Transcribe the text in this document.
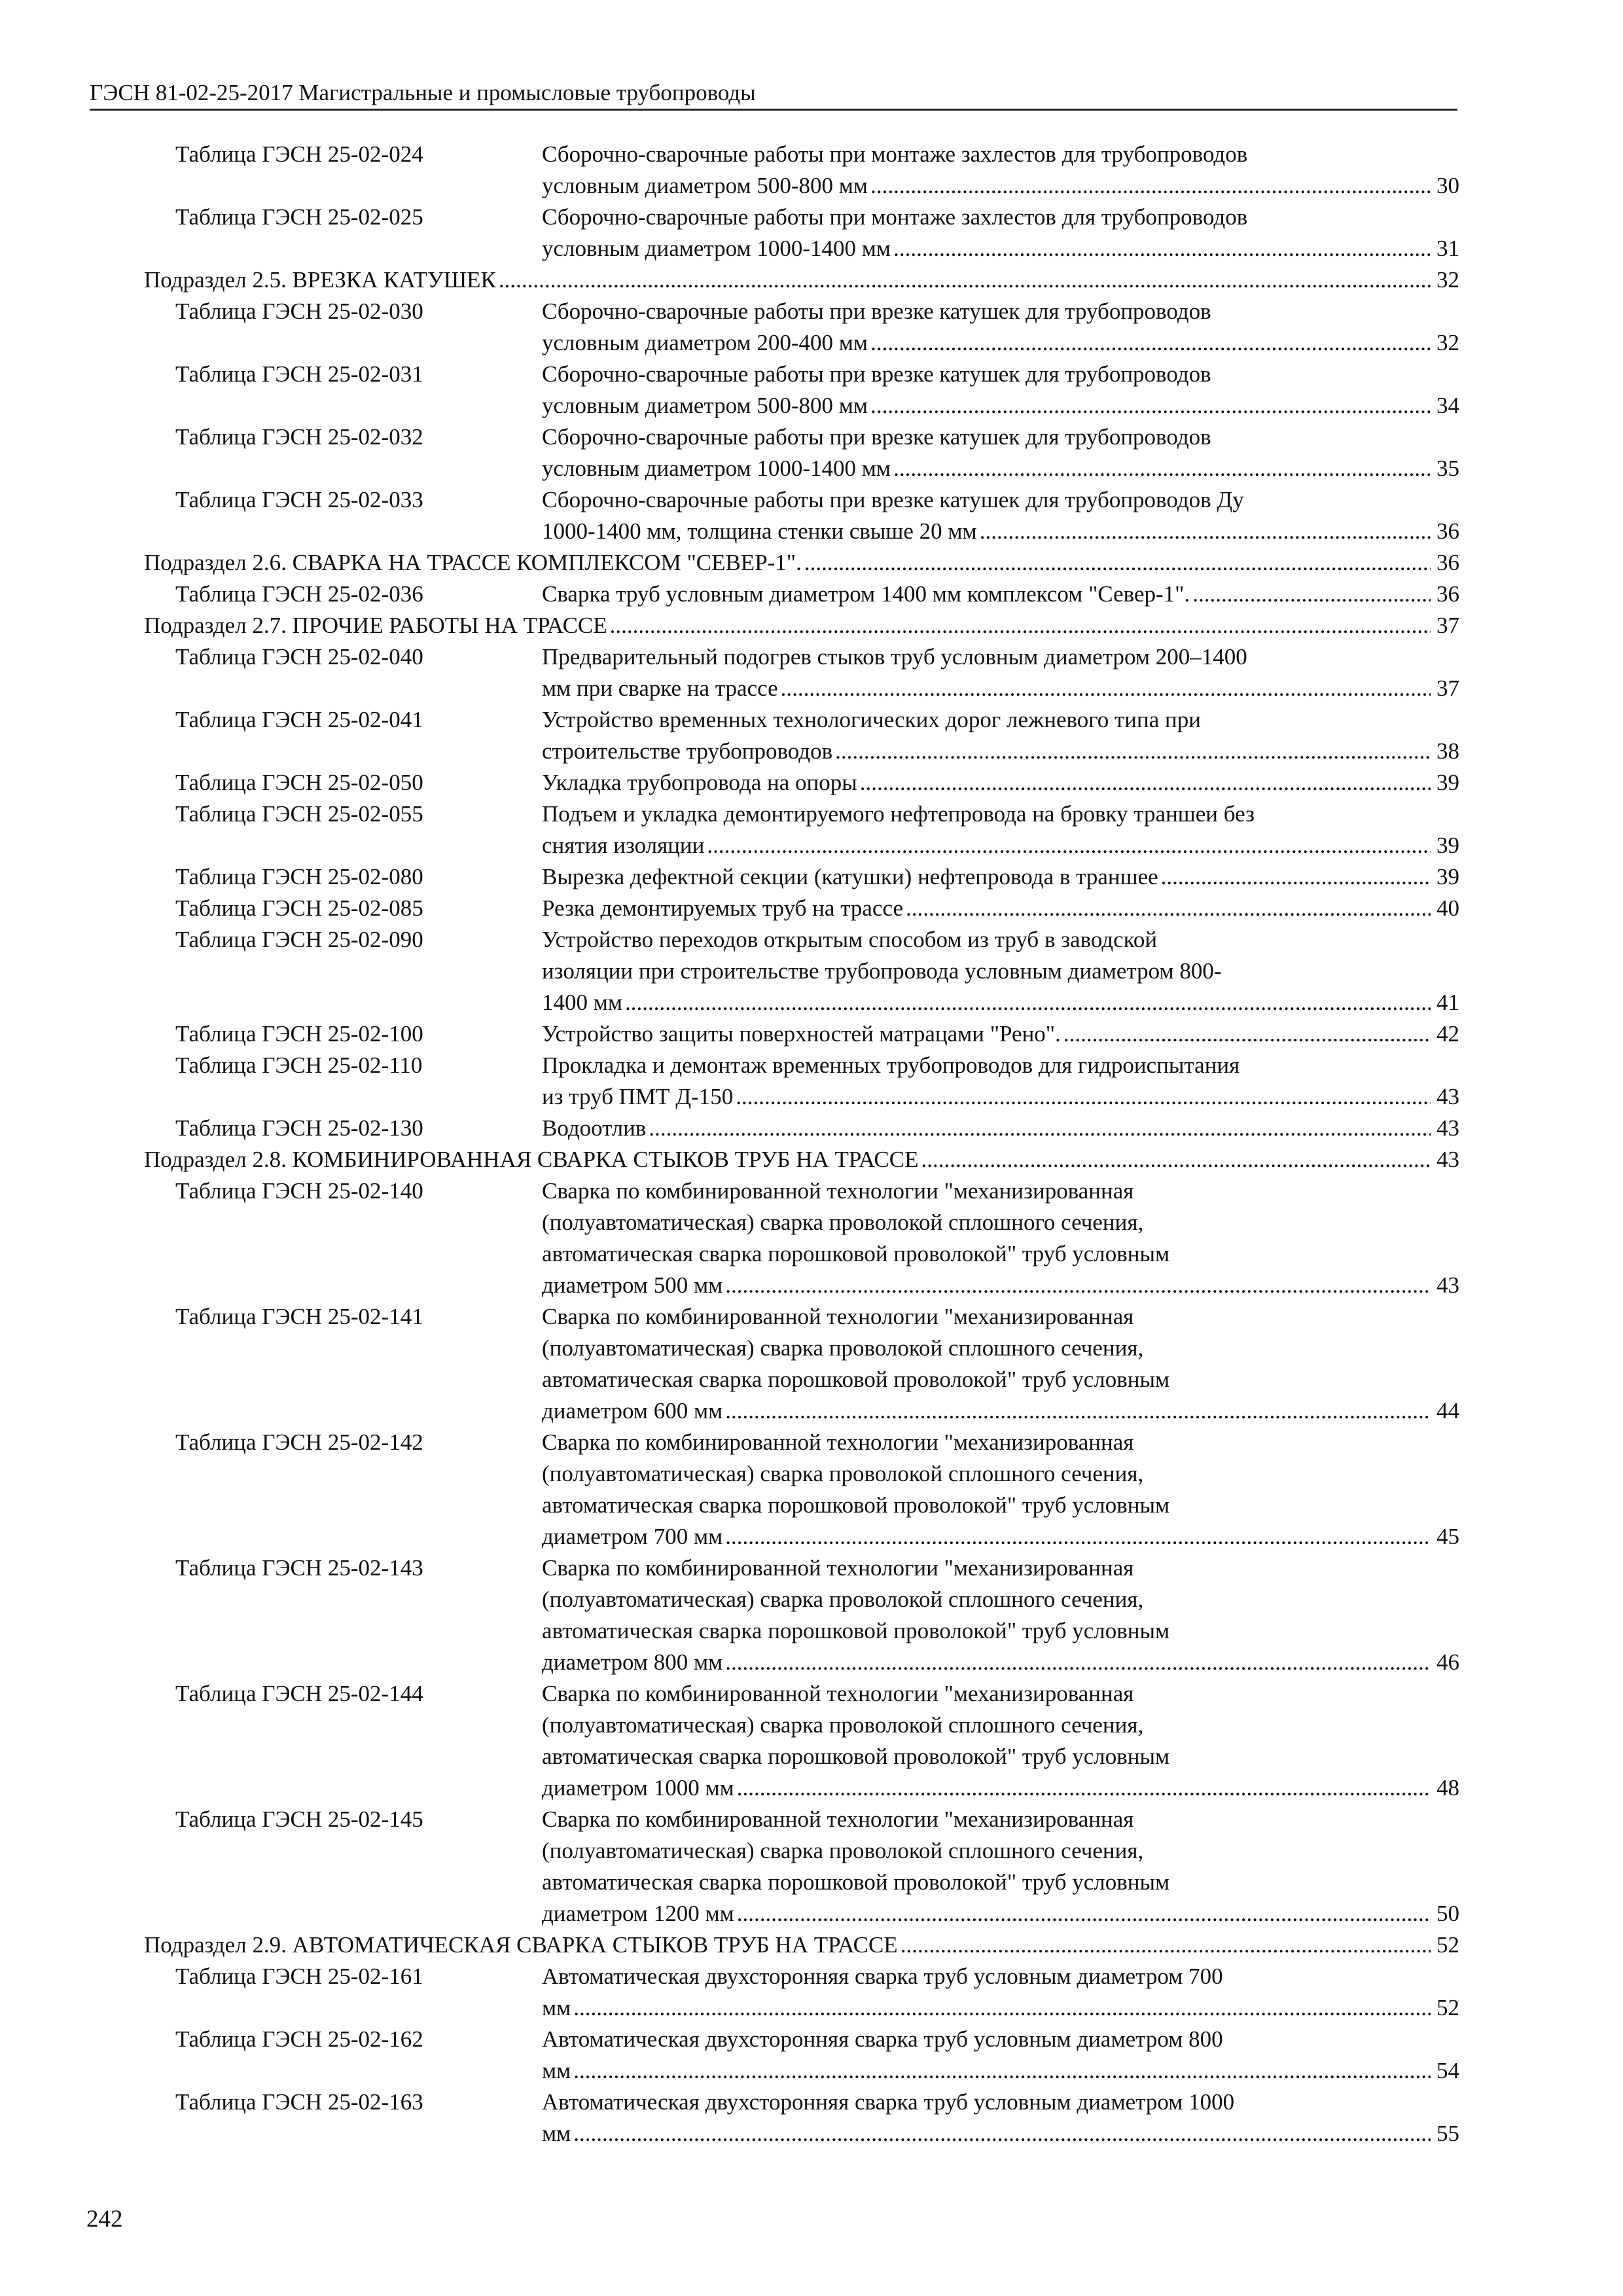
ГЭСН 81-02-25-2017 Магистральные и промысловые трубопроводы
Таблица ГЭСН 25-02-024	Сборочно-сварочные работы при монтаже захлестов для трубопроводов
условным диаметром 500-800 мм .....	30
Таблица ГЭСН 25-02-025	Сборочно-сварочные работы при монтаже захлестов для трубопроводов
условным диаметром 1000-1400 мм .....	31
Подраздел 2.5. ВРЕЗКА КАТУШЕК .....	32
Таблица ГЭСН 25-02-030	Сборочно-сварочные работы при врезке катушек для трубопроводов
условным диаметром 200-400 мм .....	32
Таблица ГЭСН 25-02-031	Сборочно-сварочные работы при врезке катушек для трубопроводов
условным диаметром 500-800 мм .....	34
Таблица ГЭСН 25-02-032	Сборочно-сварочные работы при врезке катушек для трубопроводов
условным диаметром 1000-1400 мм .....	35
Таблица ГЭСН 25-02-033	Сборочно-сварочные работы при врезке катушек для трубопроводов Ду
1000-1400 мм, толщина стенки свыше 20 мм .....	36
Подраздел 2.6. СВАРКА НА ТРАССЕ КОМПЛЕКСОМ "СЕВЕР-1". .....	36
Таблица ГЭСН 25-02-036	Сварка труб условным диаметром 1400 мм комплексом "Север-1". .....	36
Подраздел 2.7. ПРОЧИЕ РАБОТЫ НА ТРАССЕ .....	37
Таблица ГЭСН 25-02-040	Предварительный подогрев стыков труб условным диаметром 200–1400
мм при сварке на трассе .....	37
Таблица ГЭСН 25-02-041	Устройство временных технологических дорог лежневого типа при
строительстве трубопроводов .....	38
Таблица ГЭСН 25-02-050	Укладка трубопровода на опоры .....	39
Таблица ГЭСН 25-02-055	Подъем и укладка демонтируемого нефтепровода на бровку траншеи без
снятия изоляции .....	39
Таблица ГЭСН 25-02-080	Вырезка дефектной секции (катушки) нефтепровода в траншее .....	39
Таблица ГЭСН 25-02-085	Резка демонтируемых труб на трассе .....	40
Таблица ГЭСН 25-02-090	Устройство переходов открытым способом из труб в заводской
изоляции при строительстве трубопровода условным диаметром 800-
1400 мм .....	41
Таблица ГЭСН 25-02-100	Устройство защиты поверхностей матрацами "Рено". .....	42
Таблица ГЭСН 25-02-110	Прокладка и демонтаж временных трубопроводов для гидроиспытания
из труб ПМТ Д-150 .....	43
Таблица ГЭСН 25-02-130	Водоотлив .....	43
Подраздел 2.8. КОМБИНИРОВАННАЯ СВАРКА СТЫКОВ ТРУБ НА ТРАССЕ .....	43
Таблица ГЭСН 25-02-140	Сварка по комбинированной технологии "механизированная
(полуавтоматическая) сварка проволокой сплошного сечения,
автоматическая сварка порошковой проволокой" труб условным
диаметром 500 мм .....	43
Таблица ГЭСН 25-02-141	Сварка по комбинированной технологии "механизированная
(полуавтоматическая) сварка проволокой сплошного сечения,
автоматическая сварка порошковой проволокой" труб условным
диаметром 600 мм .....	44
Таблица ГЭСН 25-02-142	Сварка по комбинированной технологии "механизированная
(полуавтоматическая) сварка проволокой сплошного сечения,
автоматическая сварка порошковой проволокой" труб условным
диаметром 700 мм .....	45
Таблица ГЭСН 25-02-143	Сварка по комбинированной технологии "механизированная
(полуавтоматическая) сварка проволокой сплошного сечения,
автоматическая сварка порошковой проволокой" труб условным
диаметром 800 мм .....	46
Таблица ГЭСН 25-02-144	Сварка по комбинированной технологии "механизированная
(полуавтоматическая) сварка проволокой сплошного сечения,
автоматическая сварка порошковой проволокой" труб условным
диаметром 1000 мм .....	48
Таблица ГЭСН 25-02-145	Сварка по комбинированной технологии "механизированная
(полуавтоматическая) сварка проволокой сплошного сечения,
автоматическая сварка порошковой проволокой" труб условным
диаметром 1200 мм .....	50
Подраздел 2.9. АВТОМАТИЧЕСКАЯ СВАРКА СТЫКОВ ТРУБ НА ТРАССЕ .....	52
Таблица ГЭСН 25-02-161	Автоматическая двухсторонняя сварка труб условным диаметром 700
мм .....	52
Таблица ГЭСН 25-02-162	Автоматическая двухсторонняя сварка труб условным диаметром 800
мм .....	54
Таблица ГЭСН 25-02-163	Автоматическая двухсторонняя сварка труб условным диаметром 1000
мм .....	55
242
